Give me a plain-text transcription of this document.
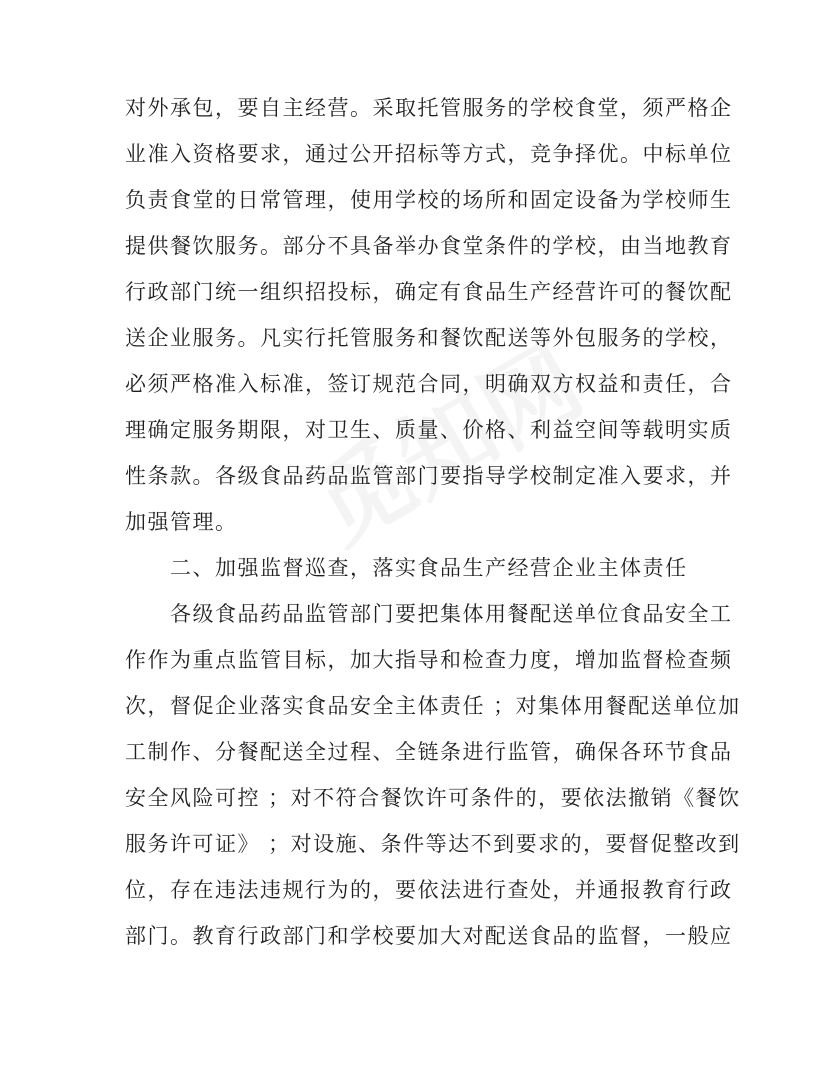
对外承包，要自主经营。采取托管服务的学校食堂，须严格企
业准入资格要求，通过公开招标等方式，竞争择优。中标单位
负责食堂的日常管理，使用学校的场所和固定设备为学校师生
提供餐饮服务。部分不具备举办食堂条件的学校，由当地教育
行政部门统一组织招投标，确定有食品生产经营许可的餐饮配
送企业服务。凡实行托管服务和餐饮配送等外包服务的学校，
必须严格准入标准，签订规范合同，明确双方权益和责任，合
理确定服务期限，对卫生、质量、价格、利益空间等载明实质
性条款。各级食品药品监管部门要指导学校制定准入要求，并
加强管理。
二、加强监督巡查，落实食品生产经营企业主体责任
各级食品药品监管部门要把集体用餐配送单位食品安全工
作作为重点监管目标，加大指导和检查力度，增加监督检查频
次，督促企业落实食品安全主体责任 ；对集体用餐配送单位加
工制作、分餐配送全过程、全链条进行监管，确保各环节食品
安全风险可控 ；对不符合餐饮许可条件的，要依法撤销《餐饮
服务许可证》 ；对设施、条件等达不到要求的，要督促整改到
位，存在违法违规行为的，要依法进行查处，并通报教育行政
部门。教育行政部门和学校要加大对配送食品的监督，一般应
